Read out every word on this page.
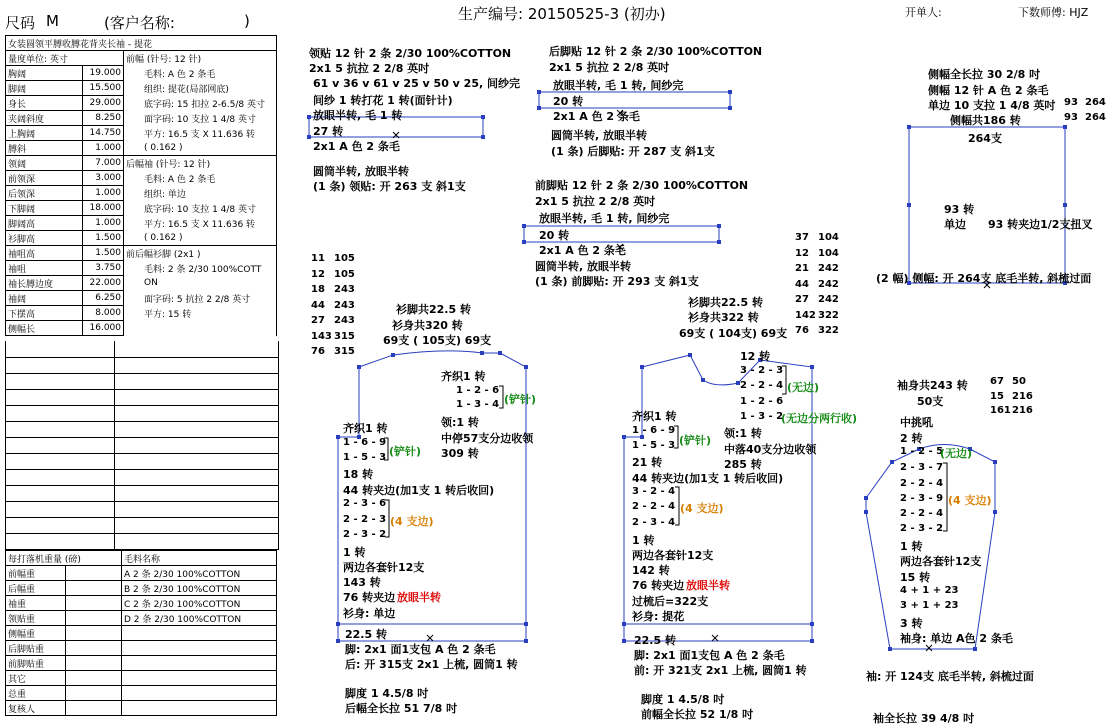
尺码 M	(客户名称:	)	生产编号: 20150525-3 (初办)	开单人:	下数师傅: HJZ
女装圆领平膊收膊花背夹长袖 - 提花		
量度单位: 英寸		前幅 (针号: 12 针)
胸阔	19.000	毛料: A 色 2 条毛
脚阔	15.500	组织: 提花(局部网底)
身长	29.000	底字码: 15 扣拉 2-6.5/8 英寸
夹阔斜度	8.250	面字码: 10 支拉 1 4/8 英寸
上胸阔	14.750	平方: 16.5 支 X 11.636 转
膊斜	1.000	( 0.162 )
领阔	7.000	后幅袖 (针号: 12 针)
前领深	3.000	毛料: A 色 2 条毛
后领深	1.000	组织: 单边
下脚阔	18.000	底字码: 10 支拉 1 4/8 英寸
脚阔高	1.000	平方: 16.5 支 X 11.636 转
衫脚高	1.500	( 0.162 )
袖咀高	1.500	前后幅衫脚 (2x1 )
袖咀	3.750	毛料: 2 条 2/30 100%COTT
袖长膊边度	22.000	ON
袖阔	6.250	面字码: 5 抗拉 2 2/8 英寸
下摆高	8.000	平方: 15 转
侧幅长	16.000	
每打落机重量 (磅)		毛料名称
前幅重		A 2 条 2/30 100%COTTON
后幅重		B 2 条 2/30 100%COTTON
袖重		C 2 条 2/30 100%COTTON
领贴重		D 2 条 2/30 100%COTTON
侧幅重		
后脚贴重		
前脚贴重		
其它		
总重		
复核人		
领贴 12 针 2 条 2/30 100%COTTON
2x1 5 抗拉 2 2/8 英吋
61 v 36 v 61 v 25 v 50 v 25, 间纱完
间纱 1 转打花 1 转(面针计)
放眼半转, 毛 1 转
27 转
2x1 A 色 2 条毛
圆筒半转, 放眼半转
(1 条) 领贴: 开 263 支 斜1支
后脚贴 12 针 2 条 2/30 100%COTTON
2x1 5 抗拉 2 2/8 英吋
放眼半转, 毛 1 转, 间纱完
20 转
2x1 A 色 2 条毛
圆筒半转, 放眼半转
(1 条) 后脚贴: 开 287 支 斜1支
前脚贴 12 针 2 条 2/30 100%COTTON
2x1 5 抗拉 2 2/8 英吋
放眼半转, 毛 1 转, 间纱完
20 转
2x1 A 色 2 条毛
圆筒半转, 放眼半转
(1 条) 前脚贴: 开 293 支 斜1支
侧幅全长拉 30 2/8 吋
侧幅 12 针 A 色 2 条毛
单边 10 支拉 1 4/8 英吋 93 264
侧幅共186 转	93 264
264支
93 转
单边 93 转夹边1/2支扭叉
(2 幅) 侧幅: 开 264支 底毛半转, 斜梳过面
11 105
12 105
18 243
44 243
27 243
143 315
76 315
37 104
12 104
21 242
44 242
27 242
142 322
76 322
67 50
15 216
161 216
衫脚共22.5 转
衫身共320 转
69支 ( 105支) 69支
齐织1 转
1 - 2 - 6
1 - 3 - 4 (铲针)
领:1 转
中停57支分边收领
309 转
齐织1 转
1 - 6 - 9
1 - 5 - 3 (铲针)
18 转
44 转夹边(加1支 1 转后收回)
2 - 3 - 6
2 - 2 - 3
2 - 3 - 2
(4 支边)
1 转
两边各套针12支
143 转
76 转夹边 放眼半转
衫身: 单边
22.5 转
脚: 2x1 面1支包 A 色 2 条毛
后: 开 315支 2x1 上梳, 圆筒1 转
脚度 1 4.5/8 吋
后幅全长拉 51 7/8 吋
衫脚共22.5 转
衫身共322 转
69支 ( 104支) 69支
12 转
3 - 2 - 3
2 - 2 - 4 (无边)
1 - 2 - 6
1 - 3 - 2
(无边分两行收)
领:1 转
中落40支分边收领
285 转
齐织1 转
1 - 6 - 9
1 - 5 - 3 (铲针)
21 转
44 转夹边(加1支 1 转后收回)
3 - 2 - 4
2 - 2 - 4
2 - 3 - 4
(4 支边)
1 转
两边各套针12支
142 转
76 转夹边 放眼半转
过梳后=322支
衫身: 提花
22.5 转
脚: 2x1 面1支包 A 色 2 条毛
前: 开 321支 2x1 上梳, 圆筒1 转
脚度 1 4.5/8 吋
前幅全长拉 52 1/8 吋
袖身共243 转
50支
中挑吼
2 转
1 - 2 - 5
(无边)
2 - 3 - 7
2 - 2 - 4
2 - 3 - 9
2 - 2 - 4
2 - 3 - 2
(4 支边)
1 转
两边各套针12支
15 转
4 + 1 + 23
3 + 1 + 23
3 转
袖身: 单边 A色 2 条毛
袖: 开 124支 底毛半转, 斜梳过面
袖全长拉 39 4/8 吋
